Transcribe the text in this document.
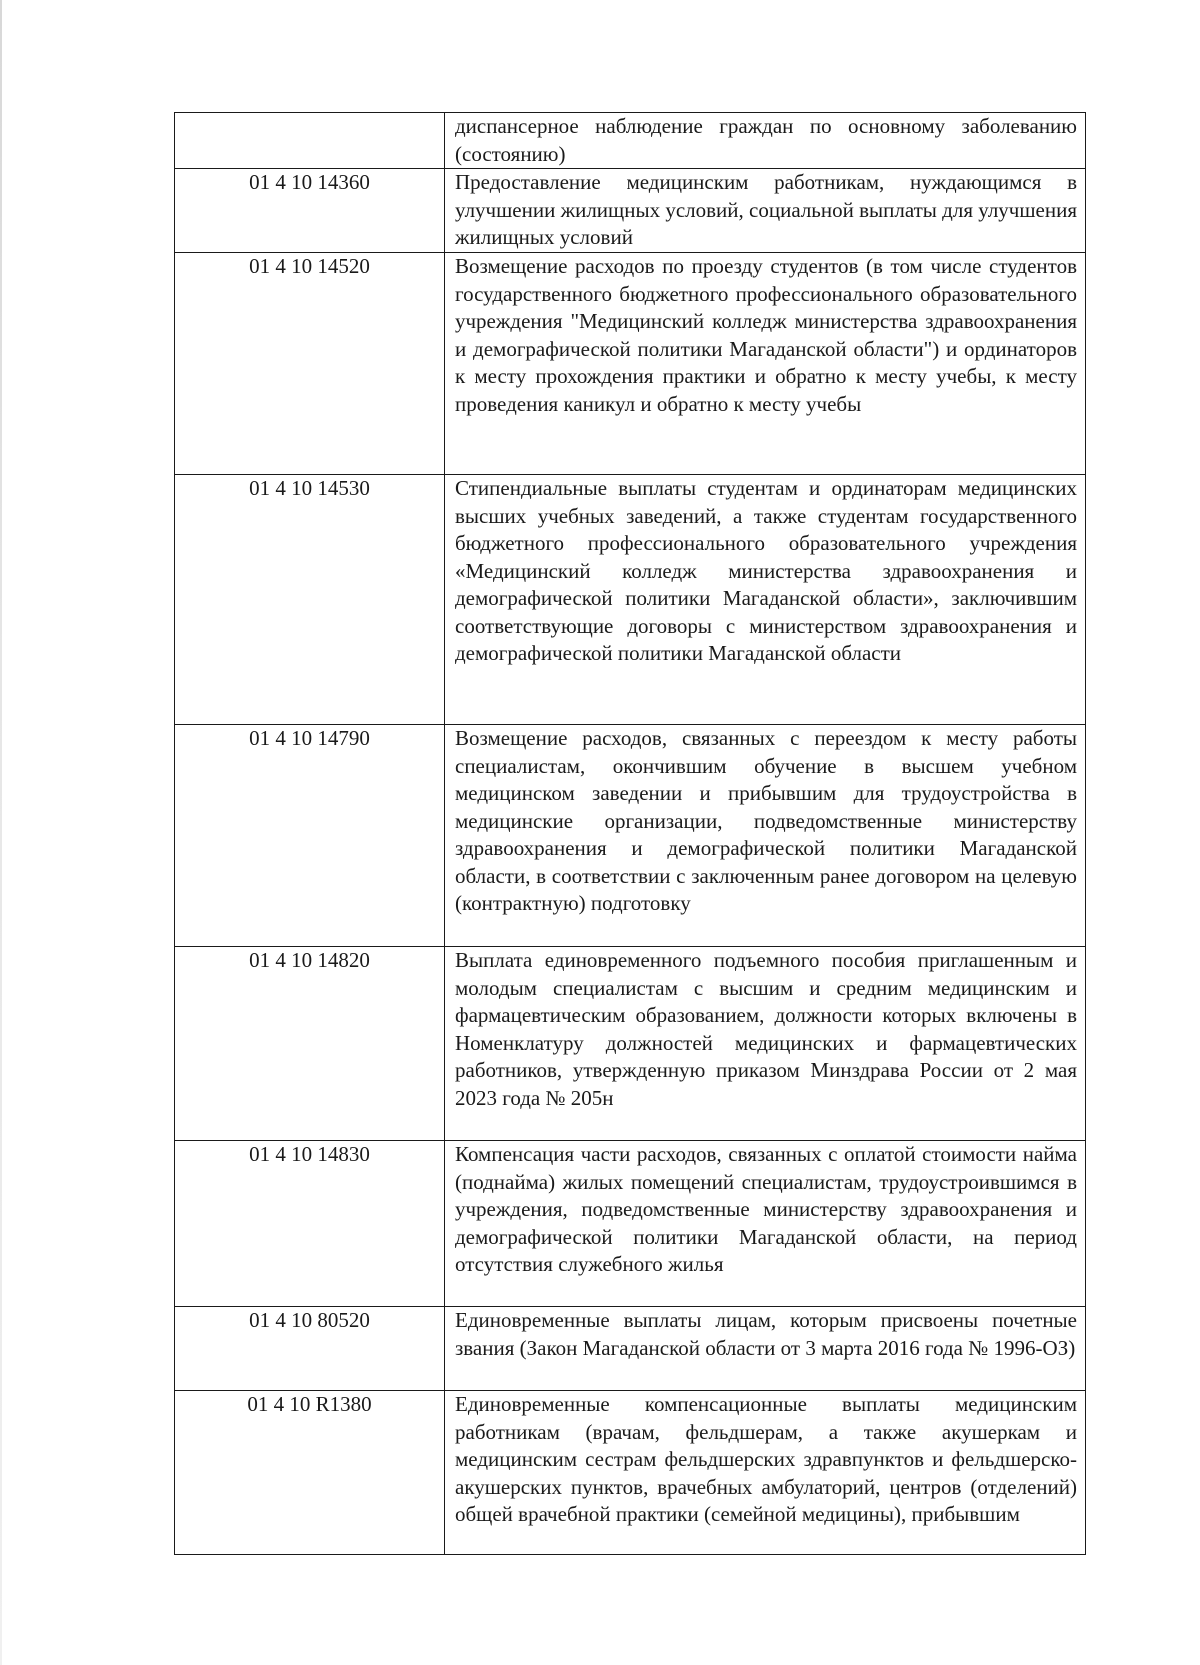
	диспансерное наблюдение граждан по основному заболеванию (состоянию)
01 4 10 14360	Предоставление медицинским работникам, нуждающимся в улучшении жилищных условий, социальной выплаты для улучшения жилищных условий
01 4 10 14520	Возмещение расходов по проезду студентов (в том числе студентов государственного бюджетного профессионального образовательного учреждения "Медицинский колледж министерства здравоохранения и демографической политики Магаданской области") и ординаторов к месту прохождения практики и обратно к месту учебы, к месту проведения каникул и обратно к месту учебы
01 4 10 14530	Стипендиальные выплаты студентам и ординаторам медицинских высших учебных заведений, а также студентам государственного бюджетного профессионального образовательного учреждения «Медицинский колледж министерства здравоохранения и демографической политики Магаданской области», заключившим соответствующие договоры с министерством здравоохранения и демографической политики Магаданской области
01 4 10 14790	Возмещение расходов, связанных с переездом к месту работы специалистам, окончившим обучение в высшем учебном медицинском заведении и прибывшим для трудоустройства в медицинские организации, подведомственные министерству здравоохранения и демографической политики Магаданской области, в соответствии с заключенным ранее договором на целевую (контрактную) подготовку
01 4 10 14820	Выплата единовременного подъемного пособия приглашенным и молодым специалистам с высшим и средним медицинским и фармацевтическим образованием, должности которых включены в Номенклатуру должностей медицинских и фармацевтических работников, утвержденную приказом Минздрава России от 2 мая 2023 года № 205н
01 4 10 14830	Компенсация части расходов, связанных с оплатой стоимости найма (поднайма) жилых помещений специалистам, трудоустроившимся в учреждения, подведомственные министерству здравоохранения и демографической политики Магаданской области, на период отсутствия служебного жилья
01 4 10 80520	Единовременные выплаты лицам, которым присвоены почетные звания (Закон Магаданской области от 3 марта 2016 года № 1996-ОЗ)
01 4 10 R1380	Единовременные компенсационные выплаты медицинским работникам (врачам, фельдшерам, а также акушеркам и медицинским сестрам фельдшерских здравпунктов и фельдшерско-акушерских пунктов, врачебных амбулаторий, центров (отделений) общей врачебной практики (семейной медицины), прибывшим
